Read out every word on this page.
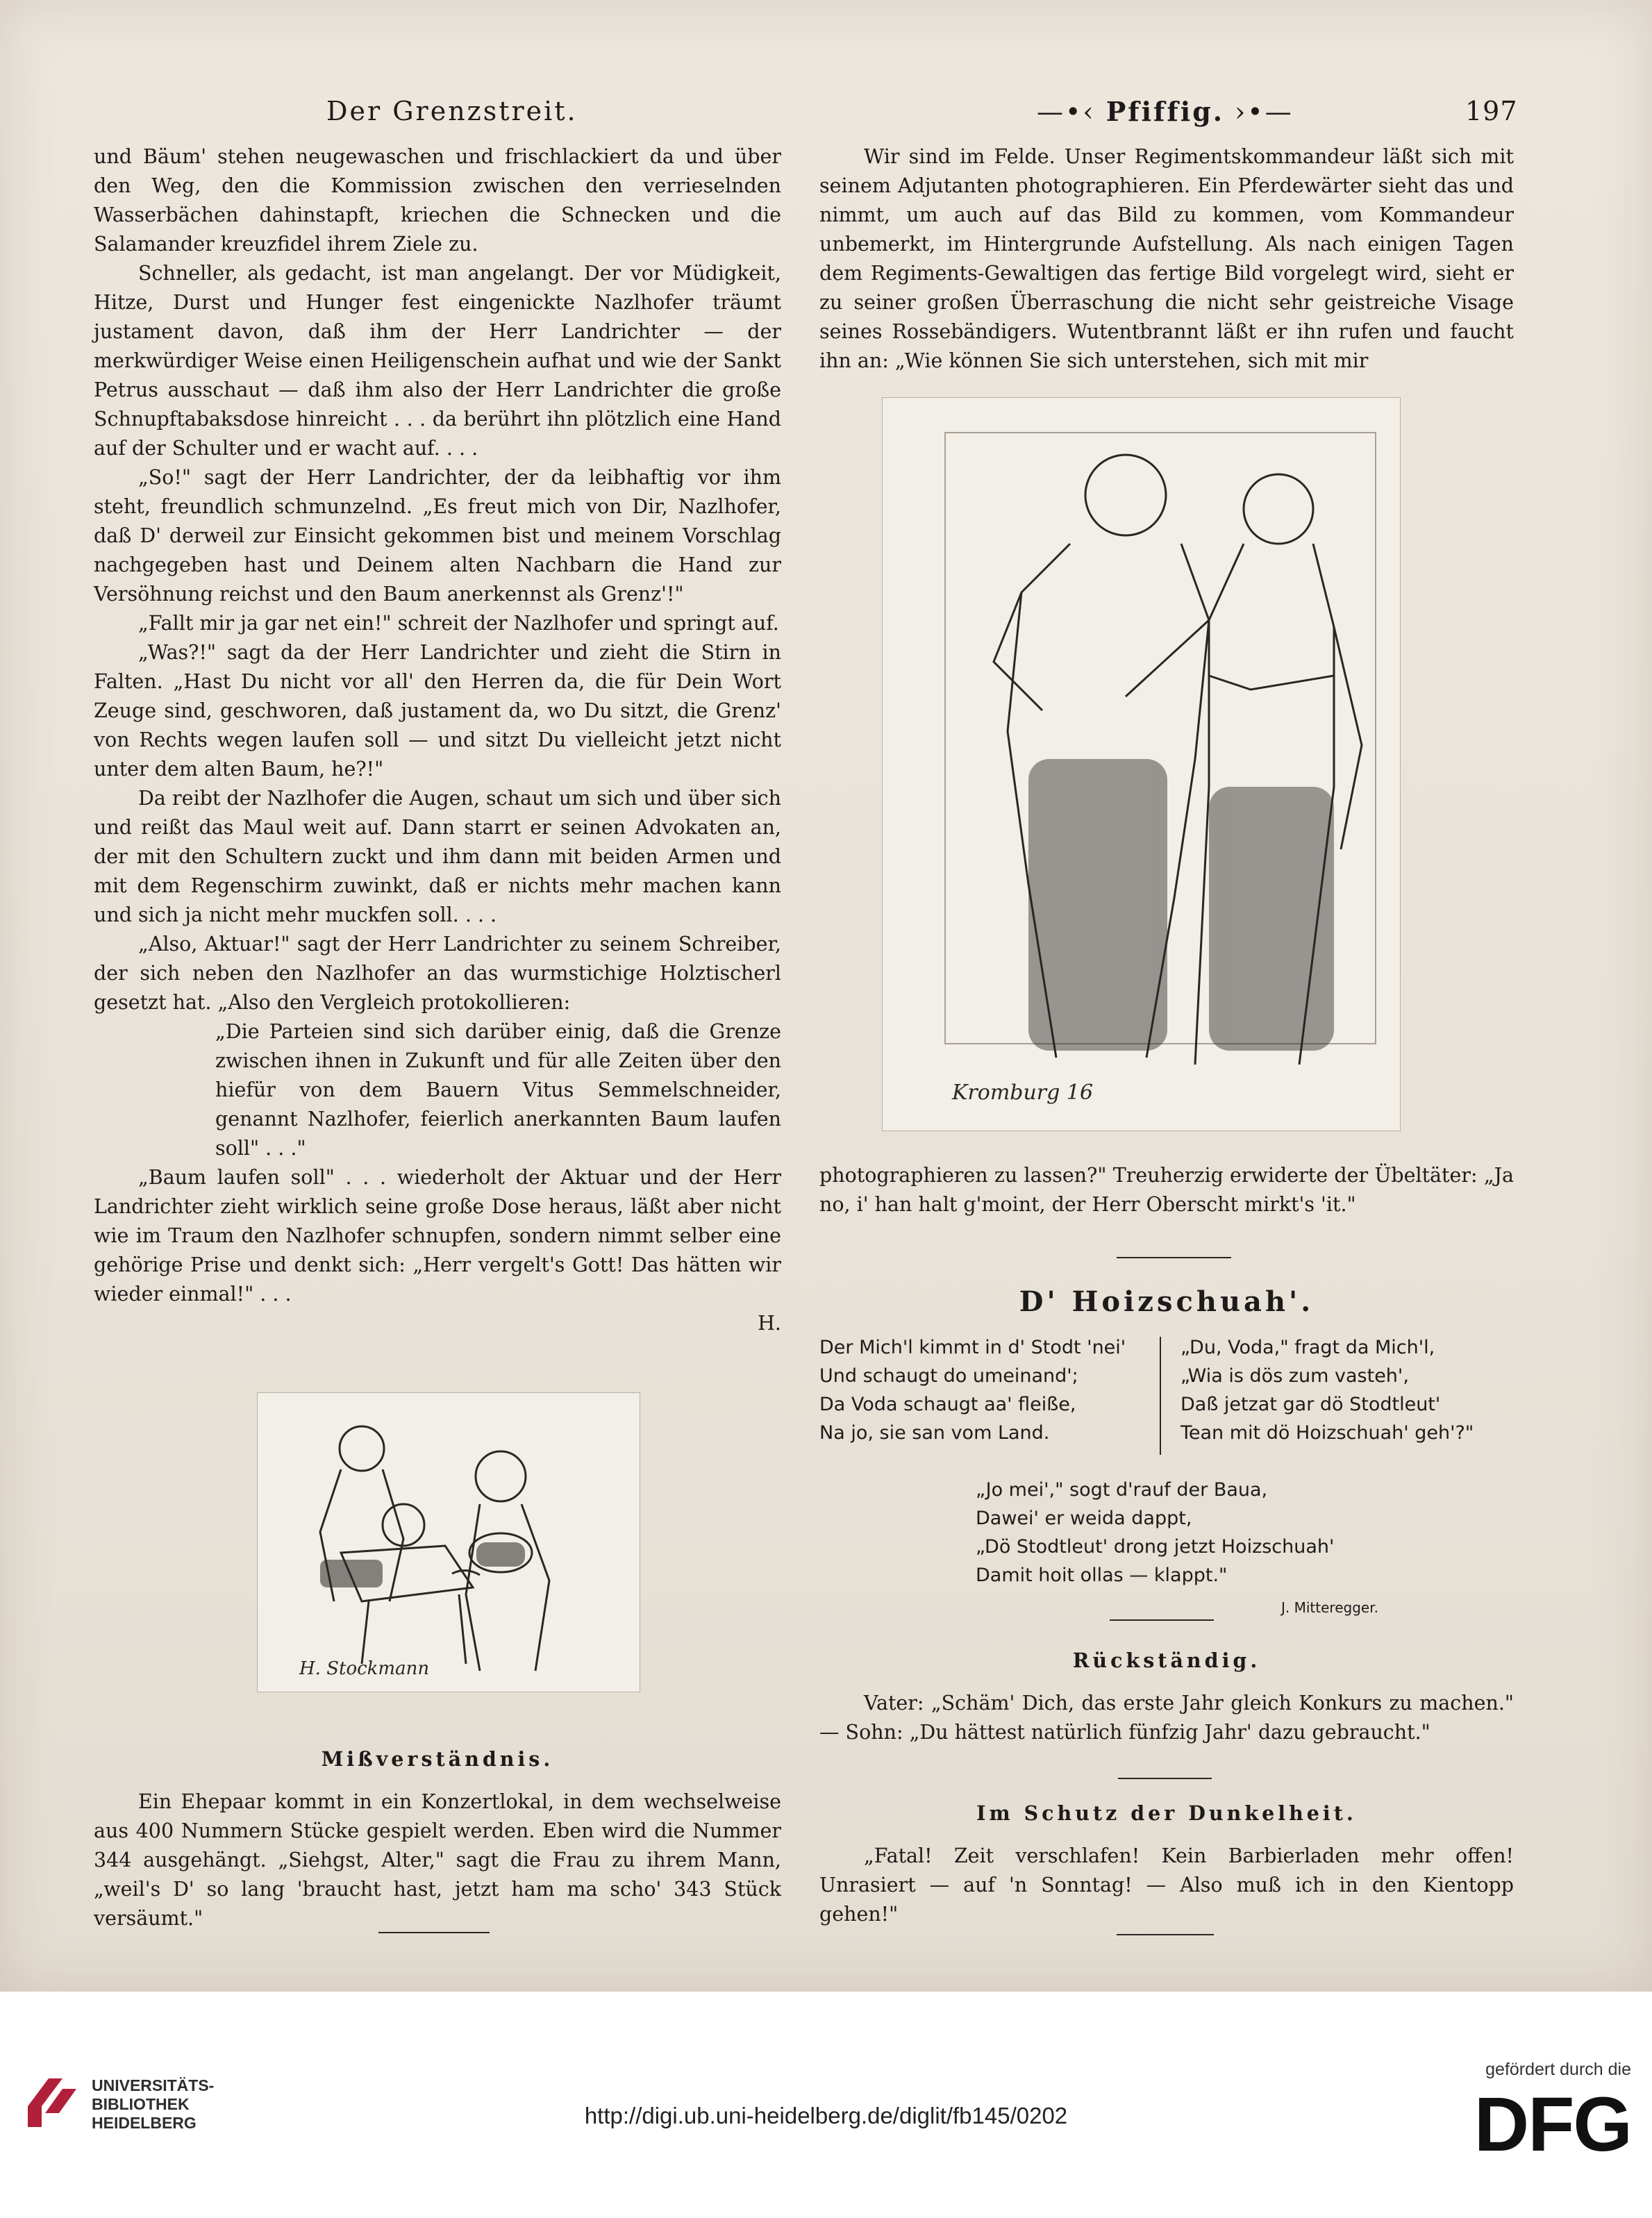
Der Grenzstreit.	—•‹ Pfiffig. ›•—	197

und Bäum' stehen neugewaschen und frischlackiert da und über den Weg, den die Kommission zwischen den verrieselnden Wasserbächen dahinstapft, kriechen die Schnecken und die Salamander kreuzfidel ihrem Ziele zu.

Schneller, als gedacht, ist man angelangt. Der vor Müdigkeit, Hitze, Durst und Hunger fest eingenickte Nazlhofer träumt justament davon, daß ihm der Herr Landrichter — der merkwürdiger Weise einen Heiligenschein aufhat und wie der Sankt Petrus ausschaut — daß ihm also der Herr Landrichter die große Schnupftabaksdose hinreicht . . . da berührt ihn plötzlich eine Hand auf der Schulter und er wacht auf. . . .

„So!" sagt der Herr Landrichter, der da leibhaftig vor ihm steht, freundlich schmunzelnd. „Es freut mich von Dir, Nazlhofer, daß D' derweil zur Einsicht gekommen bist und meinem Vorschlag nachgegeben hast und Deinem alten Nachbarn die Hand zur Versöhnung reichst und den Baum anerkennst als Grenz'!"

„Fallt mir ja gar net ein!" schreit der Nazlhofer und springt auf.

„Was?!" sagt da der Herr Landrichter und zieht die Stirn in Falten. „Hast Du nicht vor all' den Herren da, die für Dein Wort Zeuge sind, geschworen, daß justament da, wo Du sitzt, die Grenz' von Rechts wegen laufen soll — und sitzt Du vielleicht jetzt nicht unter dem alten Baum, he?!"

Da reibt der Nazlhofer die Augen, schaut um sich und über sich und reißt das Maul weit auf. Dann starrt er seinen Advokaten an, der mit den Schultern zuckt und ihm dann mit beiden Armen und mit dem Regenschirm zuwinkt, daß er nichts mehr machen kann und sich ja nicht mehr muckfen soll. . . .

„Also, Aktuar!" sagt der Herr Landrichter zu seinem Schreiber, der sich neben den Nazlhofer an das wurmstichige Holztischerl gesetzt hat. „Also den Vergleich protokollieren:

„Die Parteien sind sich darüber einig, daß die Grenze zwischen ihnen in Zukunft und für alle Zeiten über den hiefür von dem Bauern Vitus Semmelschneider, genannt Nazlhofer, feierlich anerkannten Baum laufen soll" . . ."

„Baum laufen soll" . . . wiederholt der Aktuar und der Herr Landrichter zieht wirklich seine große Dose heraus, läßt aber nicht wie im Traum den Nazlhofer schnupfen, sondern nimmt selber eine gehörige Prise und denkt sich: „Herr vergelt's Gott! Das hätten wir wieder einmal!" . . .

H.

H. Stockmann

Mißverständnis.

Ein Ehepaar kommt in ein Konzertlokal, in dem wechselweise aus 400 Nummern Stücke gespielt werden. Eben wird die Nummer 344 ausgehängt. „Siehgst, Alter," sagt die Frau zu ihrem Mann, „weil's D' so lang 'braucht hast, jetzt ham ma scho' 343 Stück versäumt."

Wir sind im Felde. Unser Regimentskommandeur läßt sich mit seinem Adjutanten photographieren. Ein Pferdewärter sieht das und nimmt, um auch auf das Bild zu kommen, vom Kommandeur unbemerkt, im Hintergrunde Aufstellung. Als nach einigen Tagen dem Regiments-Gewaltigen das fertige Bild vorgelegt wird, sieht er zu seiner großen Überraschung die nicht sehr geistreiche Visage seines Rossebändigers. Wutentbrannt läßt er ihn rufen und faucht ihn an: „Wie können Sie sich unterstehen, sich mit mir

Kromburg 16

photographieren zu lassen?" Treuherzig erwiderte der Übeltäter: „Ja no, i' han halt g'moint, der Herr Oberscht mirkt's 'it."

D' Hoizschuah'.

Der Mich'l kimmt in d' Stodt 'nei'
Und schaugt do umeinand';
Da Voda schaugt aa' fleiße,
Na jo, sie san vom Land.
„Du, Voda," fragt da Mich'l,
„Wia is dös zum vasteh',
Daß jetzat gar dö Stodtleut'
Tean mit dö Hoizschuah' geh'?"
„Jo mei'," sogt d'rauf der Baua,
Dawei' er weida dappt,
„Dö Stodtleut' drong jetzt Hoizschuah'
Damit hoit ollas — klappt."
J. Mitteregger.

Rückständig.

Vater: „Schäm' Dich, das erste Jahr gleich Konkurs zu machen." — Sohn: „Du hättest natürlich fünfzig Jahr' dazu gebraucht."

Im Schutz der Dunkelheit.

„Fatal! Zeit verschlafen! Kein Barbierladen mehr offen! Unrasiert — auf 'n Sonntag! — Also muß ich in den Kientopp gehen!"

UNIVERSITÄTS-
BIBLIOTHEK
HEIDELBERG	http://digi.ub.uni-heidelberg.de/diglit/fb145/0202
gefördert durch die
DFG
